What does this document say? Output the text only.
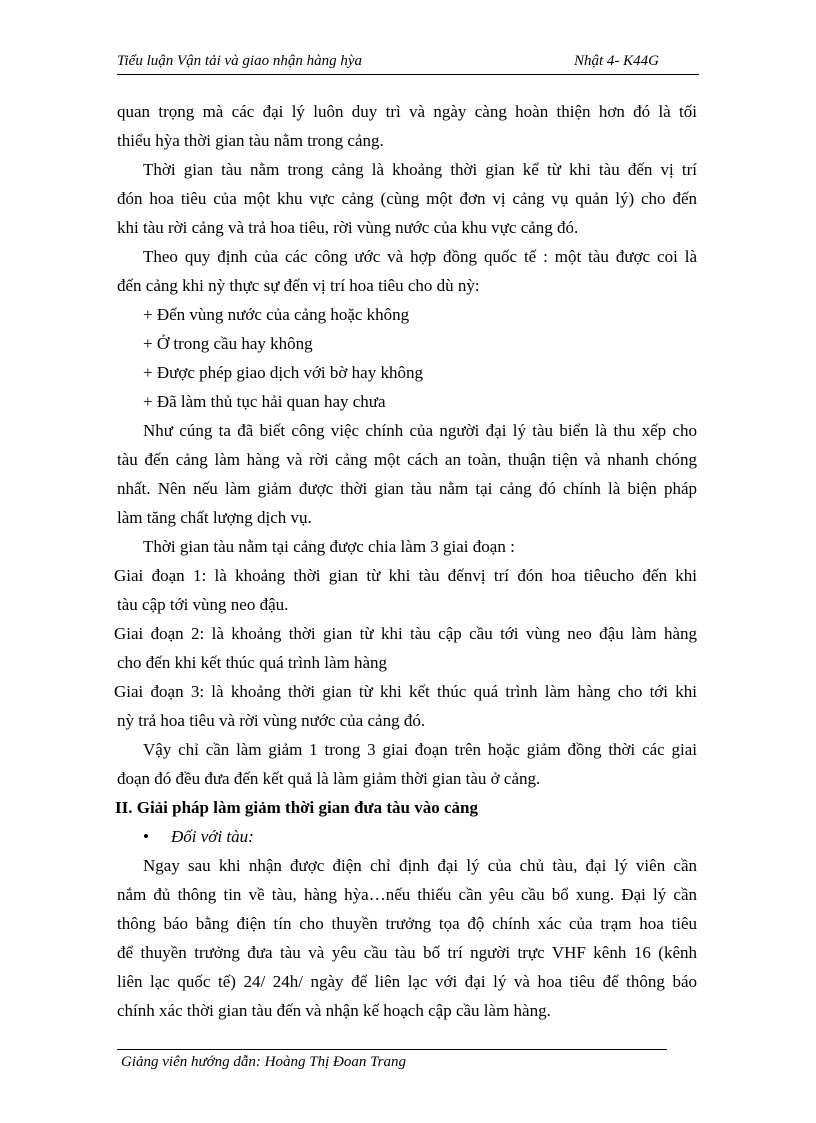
Tiểu luận Vận tải và giao nhận hàng hỳa	Nhật 4- K44G
quan trọng mà các đại lý luôn duy trì và ngày càng hoàn thiện hơn đó là tối
thiểu hỳa thời gian tàu nằm trong cảng.
Thời gian tàu nằm trong cảng là khoảng thời gian kể từ khi tàu đến vị trí
đón hoa tiêu của một khu vực cảng (cùng một đơn vị cảng vụ quản lý) cho đến
khi tàu rời cảng và trả hoa tiêu, rời vùng nước của khu vực cảng đó.
Theo quy định của các công ước và hợp đồng quốc tế : một tàu được coi là
đến cảng khi nỳ thực sự đến vị trí hoa tiêu cho dù nỳ:
+ Đến vùng nước của cảng hoặc không
+ Ở trong cầu hay không
+ Được phép giao dịch với bờ hay không
+ Đã làm thủ tục hải quan hay chưa
Như cúng ta đã biết công việc chính của người đại lý tàu biển là thu xếp cho
tàu đến cảng làm hàng và rời cảng một cách an toàn, thuận tiện và nhanh chóng
nhất. Nên nếu làm giảm được thời gian tàu nằm tại cảng đó chính là biện pháp
làm tăng chất lượng dịch vụ.
Thời gian tàu nằm tại cảng được chia làm 3 giai đoạn :
Giai đoạn 1: là khoảng thời gian từ khi tàu đếnvị trí đón hoa tiêucho đến khi
tàu cập tới vùng neo đậu.
Giai đoạn 2: là khoảng thời gian từ khi tàu cập cầu tới vùng neo đậu làm hàng
cho đến khi kết thúc quá trình làm hàng
Giai đoạn 3: là khoảng thời gian từ khi kết thúc quá trình làm hàng cho tới khi
nỳ trả hoa tiêu và rời vùng nước của cảng đó.
Vậy chỉ cần làm giảm 1 trong 3 giai đoạn trên hoặc giảm đồng thời các giai
đoạn đó đều đưa đến kết quả là làm giảm thời gian tàu ở cảng.
II. Giải pháp làm giảm thời gian đưa tàu vào cảng
• Đối với tàu:
Ngay sau khi nhận được điện chỉ định đại lý của chủ tàu, đại lý viên cần
nắm đủ thông tin về tàu, hàng hỳa…nếu thiếu cần yêu cầu bổ xung. Đại lý cần
thông báo bằng điện tín cho thuyền trưởng tọa độ chính xác của trạm hoa tiêu
để thuyền trưởng đưa tàu và yêu cầu tàu bố trí người trực VHF kênh 16 (kênh
liên lạc quốc tế) 24/ 24h/ ngày để liên lạc với đại lý và hoa tiêu để thông báo
chính xác thời gian tàu đến và nhận kế hoạch cập cầu làm hàng.
Giảng viên hướng dẫn: Hoàng Thị Đoan Trang
